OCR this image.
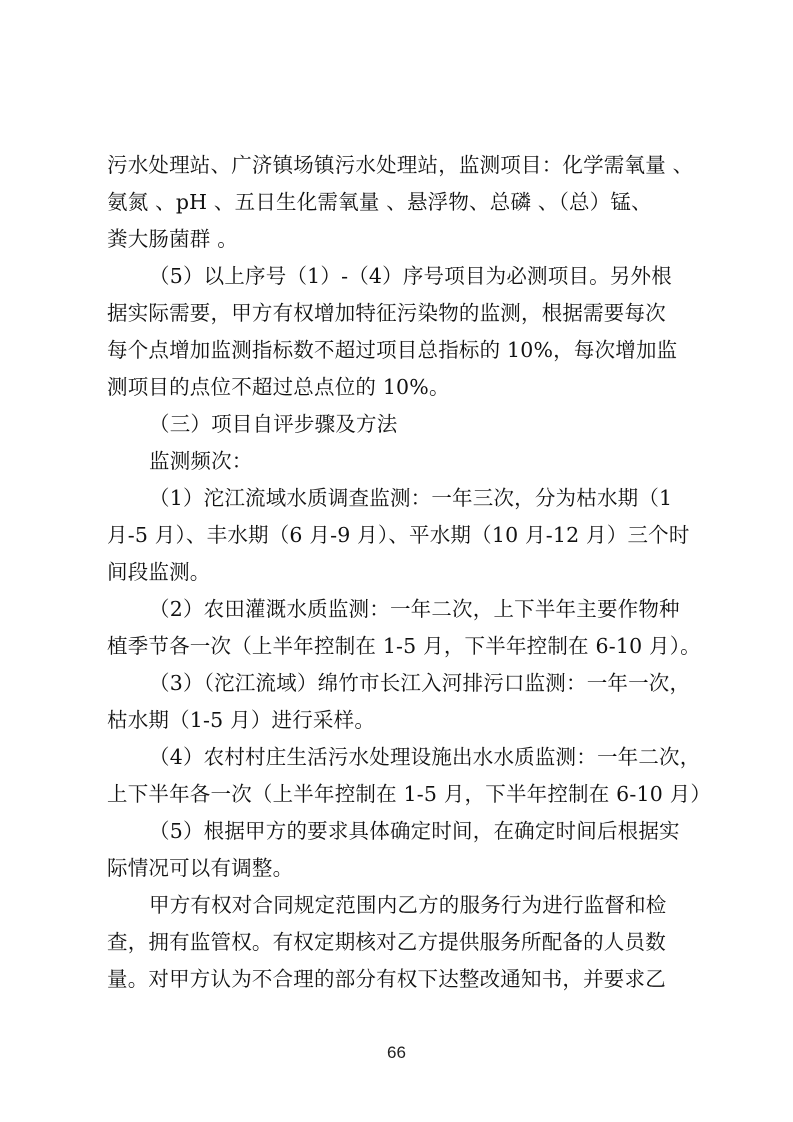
污水处理站、广济镇场镇污水处理站，监测项目：化学需氧量 、
氨氮 、pH 、五日生化需氧量 、悬浮物、总磷 、（总）锰、
粪大肠菌群 。
（5）以上序号（1）-（4）序号项目为必测项目。另外根
据实际需要，甲方有权增加特征污染物的监测，根据需要每次
每个点增加监测指标数不超过项目总指标的 10%，每次增加监
测项目的点位不超过总点位的 10%。
（三）项目自评步骤及方法
监测频次：
（1）沱江流域水质调查监测：一年三次，分为枯水期（1
月-5 月）、丰水期（6 月-9 月）、平水期（10 月-12 月）三个时
间段监测。
（2）农田灌溉水质监测：一年二次，上下半年主要作物种
植季节各一次（上半年控制在 1-5 月，下半年控制在 6-10 月）。
（3）（沱江流域）绵竹市长江入河排污口监测：一年一次，
枯水期（1-5 月）进行采样。
（4）农村村庄生活污水处理设施出水水质监测：一年二次，
上下半年各一次（上半年控制在 1-5 月，下半年控制在 6-10 月）
（5）根据甲方的要求具体确定时间，在确定时间后根据实
际情况可以有调整。
甲方有权对合同规定范围内乙方的服务行为进行监督和检
查，拥有监管权。有权定期核对乙方提供服务所配备的人员数
量。对甲方认为不合理的部分有权下达整改通知书，并要求乙
66
